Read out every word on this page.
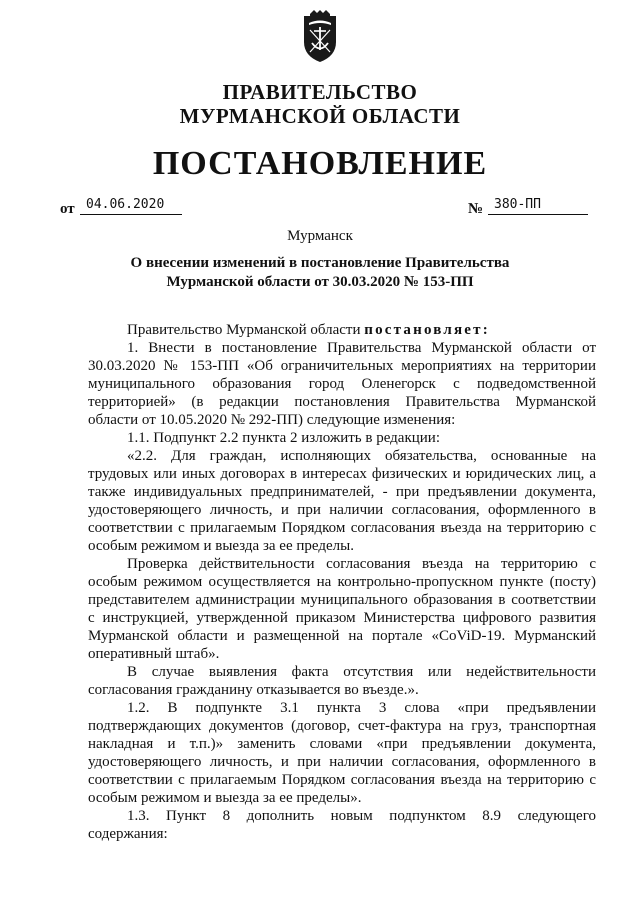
ПРАВИТЕЛЬСТВО
МУРМАНСКОЙ ОБЛАСТИ
ПОСТАНОВЛЕНИЕ
от 04.06.2020	№ 380-ПП
Мурманск
О внесении изменений в постановление Правительства
Мурманской области от 30.03.2020 № 153-ПП
Правительство Мурманской области постановляет:
1. Внести в постановление Правительства Мурманской области от
30.03.2020 № 153-ПП «Об ограничительных мероприятиях на территории
муниципального образования город Оленегорск с подведомственной
территорией» (в редакции постановления Правительства Мурманской
области от 10.05.2020 № 292-ПП) следующие изменения:
1.1. Подпункт 2.2 пункта 2 изложить в редакции:
«2.2. Для граждан, исполняющих обязательства, основанные на
трудовых или иных договорах в интересах физических и юридических лиц, а
также индивидуальных предпринимателей, - при предъявлении документа,
удостоверяющего личность, и при наличии согласования, оформленного в
соответствии с прилагаемым Порядком согласования въезда на территорию с
особым режимом и выезда за ее пределы.
Проверка действительности согласования въезда на территорию с
особым режимом осуществляется на контрольно-пропускном пункте (посту)
представителем администрации муниципального образования в соответствии
с инструкцией, утвержденной приказом Министерства цифрового развития
Мурманской области и размещенной на портале «CoViD-19. Мурманский
оперативный штаб».
В случае выявления факта отсутствия или недействительности
согласования гражданину отказывается во въезде.».
1.2. В подпункте 3.1 пункта 3 слова «при предъявлении
подтверждающих документов (договор, счет-фактура на груз, транспортная
накладная и т.п.)» заменить словами «при предъявлении документа,
удостоверяющего личность, и при наличии согласования, оформленного в
соответствии с прилагаемым Порядком согласования въезда на территорию с
особым режимом и выезда за ее пределы».
1.3. Пункт 8 дополнить новым подпунктом 8.9 следующего
содержания:
